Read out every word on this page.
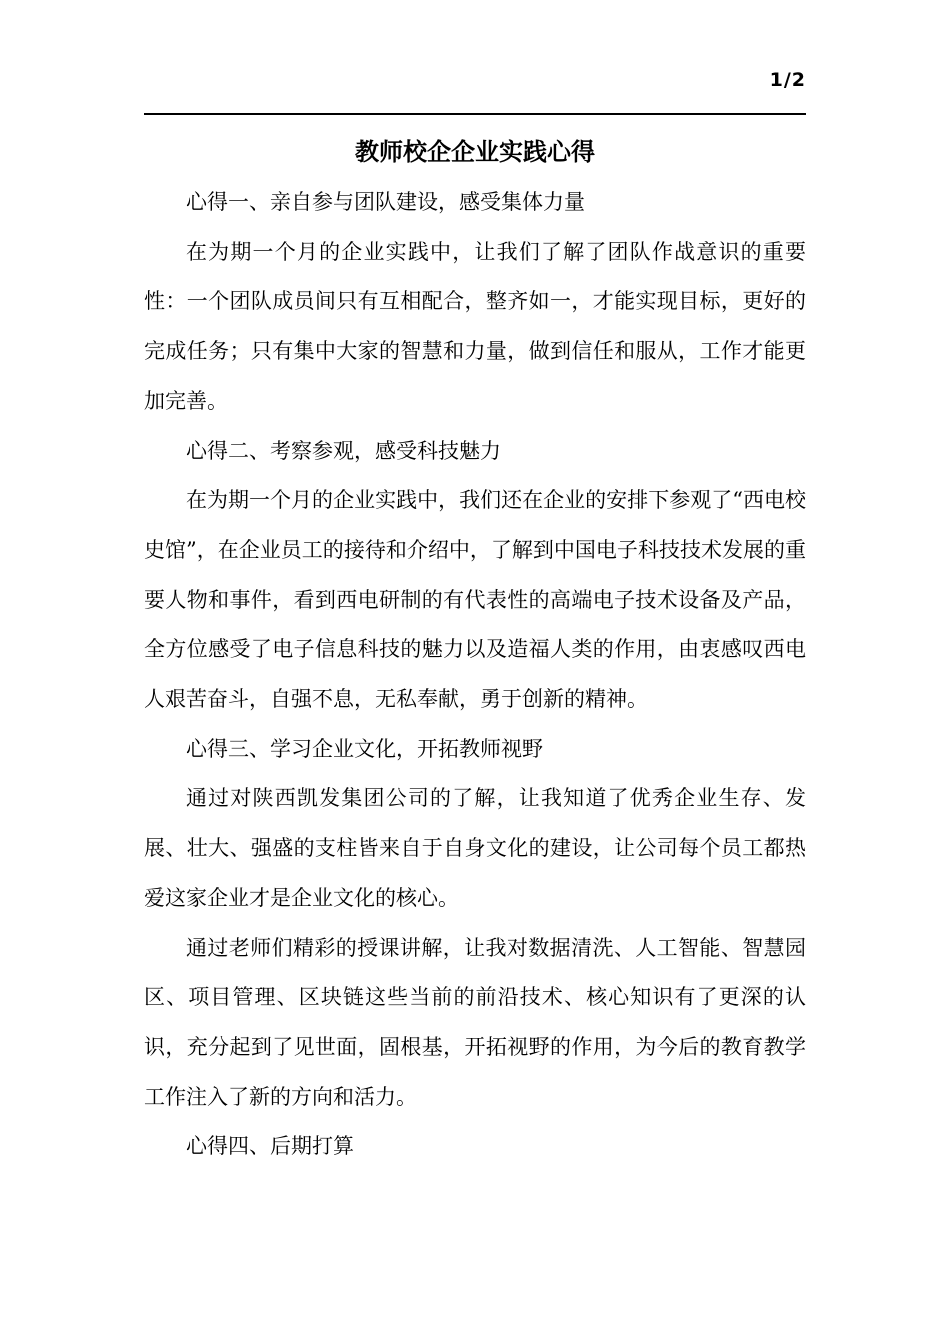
1/2
教师校企企业实践心得

心得一、亲自参与团队建设，感受集体力量

在为期一个月的企业实践中，让我们了解了团队作战意识的重要性：一个团队成员间只有互相配合，整齐如一，才能实现目标，更好的完成任务；只有集中大家的智慧和力量，做到信任和服从，工作才能更加完善。

心得二、考察参观，感受科技魅力

在为期一个月的企业实践中，我们还在企业的安排下参观了“西电校史馆”，在企业员工的接待和介绍中，了解到中国电子科技技术发展的重要人物和事件，看到西电研制的有代表性的高端电子技术设备及产品，全方位感受了电子信息科技的魅力以及造福人类的作用，由衷感叹西电人艰苦奋斗，自强不息，无私奉献，勇于创新的精神。

心得三、学习企业文化，开拓教师视野

通过对陕西凯发集团公司的了解，让我知道了优秀企业生存、发展、壮大、强盛的支柱皆来自于自身文化的建设，让公司每个员工都热爱这家企业才是企业文化的核心。

通过老师们精彩的授课讲解，让我对数据清洗、人工智能、智慧园区、项目管理、区块链这些当前的前沿技术、核心知识有了更深的认识，充分起到了见世面，固根基，开拓视野的作用，为今后的教育教学工作注入了新的方向和活力。

心得四、后期打算
